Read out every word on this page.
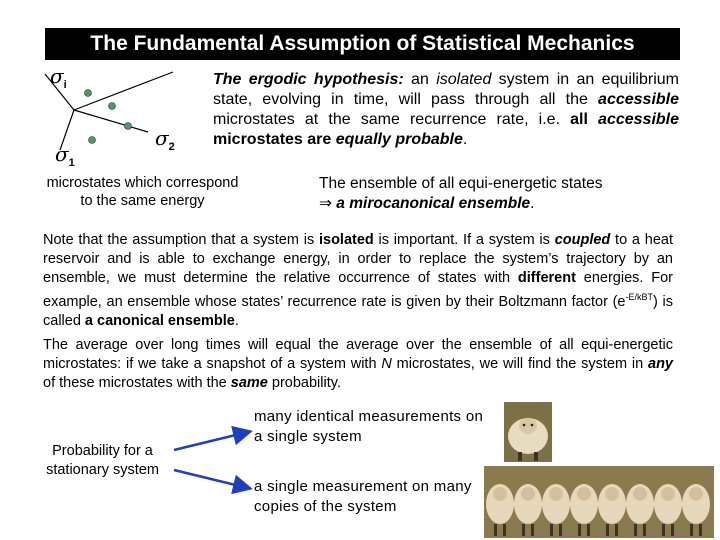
The Fundamental Assumption of Statistical Mechanics
$\sigma_i$
$\sigma_2$
$\sigma_1$
microstates which correspond
to the same energy
The ergodic hypothesis: an isolated system in an equilibrium state, evolving in time, will pass through all the accessible microstates at the same recurrence rate, i.e. all accessible microstates are equally probable.
The ensemble of all equi-energetic states
⇒ a mirocanonical ensemble.
Note that the assumption that a system is isolated is important. If a system is coupled to a heat reservoir and is able to exchange energy, in order to replace the system’s trajectory by an ensemble, we must determine the relative occurrence of states with different energies. For example, an ensemble whose states’ recurrence rate is given by their Boltzmann factor $(e^{-E/kBT})$ is called a canonical ensemble.
The average over long times will equal the average over the ensemble of all equi-energetic microstates: if we take a snapshot of a system with N microstates, we will find the system in any of these microstates with the same probability.
Probability for a stationary system
many identical measurements on a single system
a single measurement on many copies of the system
